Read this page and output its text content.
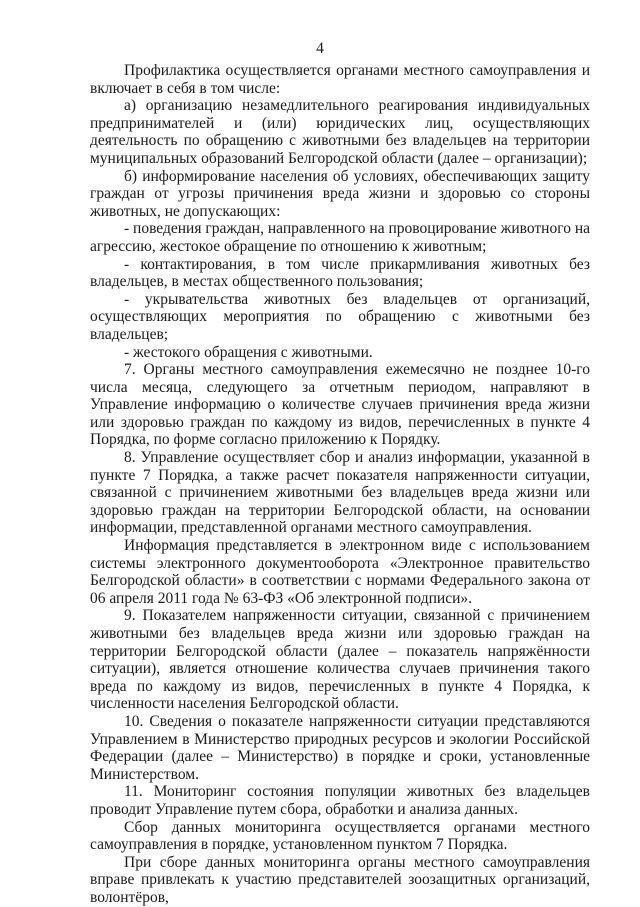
4

Профилактика осуществляется органами местного самоуправления и включает в себя в том числе:

а) организацию незамедлительного реагирования индивидуальных предпринимателей и (или) юридических лиц, осуществляющих деятельность по обращению с животными без владельцев на территории муниципальных образований Белгородской области (далее – организации);

б) информирование населения об условиях, обеспечивающих защиту граждан от угрозы причинения вреда жизни и здоровью со стороны животных, не допускающих:

- поведения граждан, направленного на провоцирование животного на агрессию, жестокое обращение по отношению к животным;

- контактирования, в том числе прикармливания животных без владельцев, в местах общественного пользования;

- укрывательства животных без владельцев от организаций, осуществляющих мероприятия по обращению с животными без владельцев;

- жестокого обращения с животными.

7. Органы местного самоуправления ежемесячно не позднее 10-го числа месяца, следующего за отчетным периодом, направляют в Управление информацию о количестве случаев причинения вреда жизни или здоровью граждан по каждому из видов, перечисленных в пункте 4 Порядка, по форме согласно приложению к Порядку.

8. Управление осуществляет сбор и анализ информации, указанной в пункте 7 Порядка, а также расчет показателя напряженности ситуации, связанной с причинением животными без владельцев вреда жизни или здоровью граждан на территории Белгородской области, на основании информации, представленной органами местного самоуправления.

Информация представляется в электронном виде с использованием системы электронного документооборота «Электронное правительство Белгородской области» в соответствии с нормами Федерального закона от 06 апреля 2011 года № 63-ФЗ «Об электронной подписи».

9. Показателем напряженности ситуации, связанной с причинением животными без владельцев вреда жизни или здоровью граждан на территории Белгородской области (далее – показатель напряжённости ситуации), является отношение количества случаев причинения такого вреда по каждому из видов, перечисленных в пункте 4 Порядка, к численности населения Белгородской области.

10. Сведения о показателе напряженности ситуации представляются Управлением в Министерство природных ресурсов и экологии Российской Федерации (далее – Министерство) в порядке и сроки, установленные Министерством.

11. Мониторинг состояния популяции животных без владельцев проводит Управление путем сбора, обработки и анализа данных.

Сбор данных мониторинга осуществляется органами местного самоуправления в порядке, установленном пунктом 7 Порядка.

При сборе данных мониторинга органы местного самоуправления вправе привлекать к участию представителей зоозащитных организаций, волонтёров,
